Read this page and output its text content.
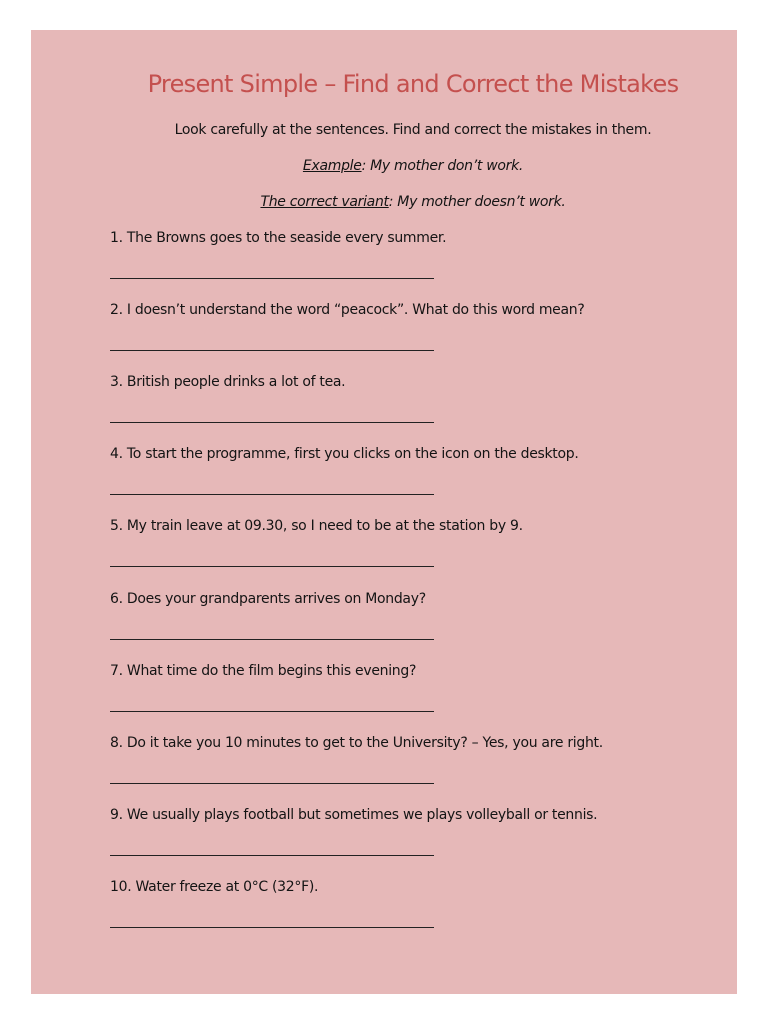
Present Simple – Find and Correct the Mistakes
Look carefully at the sentences. Find and correct the mistakes in them.
Example: My mother don’t work.
The correct variant: My mother doesn’t work.
1. The Browns goes to the seaside every summer.
2. I doesn’t understand the word “peacock”. What do this word mean?
3. British people drinks a lot of tea.
4. To start the programme, first you clicks on the icon on the desktop.
5. My train leave at 09.30, so I need to be at the station by 9.
6. Does your grandparents arrives on Monday?
7. What time do the film begins this evening?
8. Do it take you 10 minutes to get to the University? – Yes, you are right.
9. We usually plays football but sometimes we plays volleyball or tennis.
10. Water freeze at 0°C (32°F).
